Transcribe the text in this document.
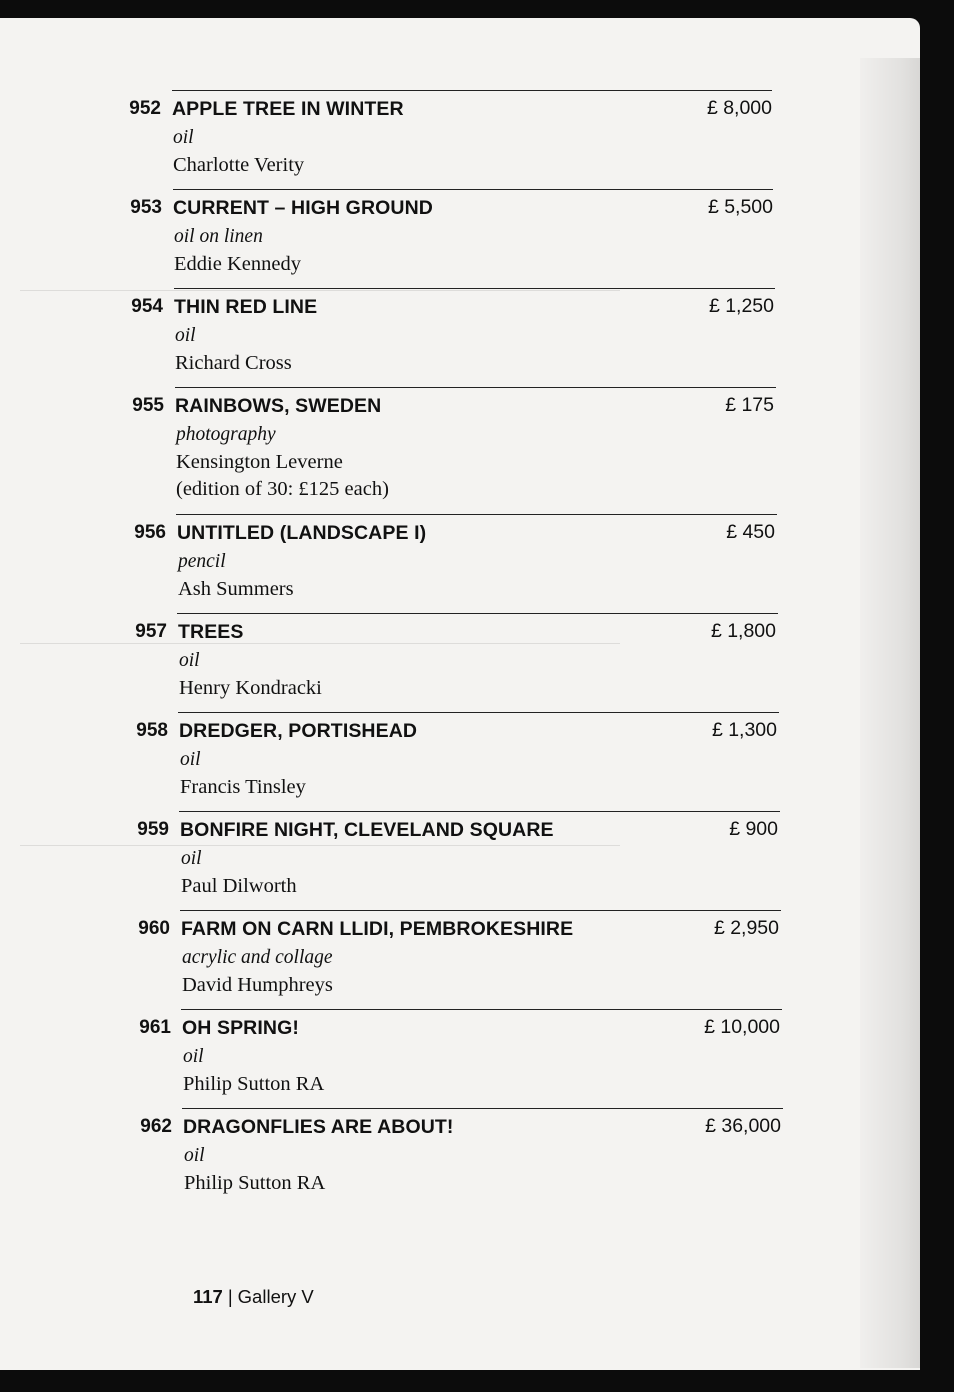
952 APPLE TREE IN WINTER
oil
Charlotte Verity
£ 8,000
953 CURRENT – HIGH GROUND
oil on linen
Eddie Kennedy
£ 5,500
954 THIN RED LINE
oil
Richard Cross
£ 1,250
955 RAINBOWS, SWEDEN
photography
Kensington Leverne
(edition of 30: £125 each)
£ 175
956 UNTITLED (LANDSCAPE I)
pencil
Ash Summers
£ 450
957 TREES
oil
Henry Kondracki
£ 1,800
958 DREDGER, PORTISHEAD
oil
Francis Tinsley
£ 1,300
959 BONFIRE NIGHT, CLEVELAND SQUARE
oil
Paul Dilworth
£ 900
960 FARM ON CARN LLIDI, PEMBROKESHIRE
acrylic and collage
David Humphreys
£ 2,950
961 OH SPRING!
oil
Philip Sutton RA
£ 10,000
962 DRAGONFLIES ARE ABOUT!
oil
Philip Sutton RA
£ 36,000
117 | Gallery V
